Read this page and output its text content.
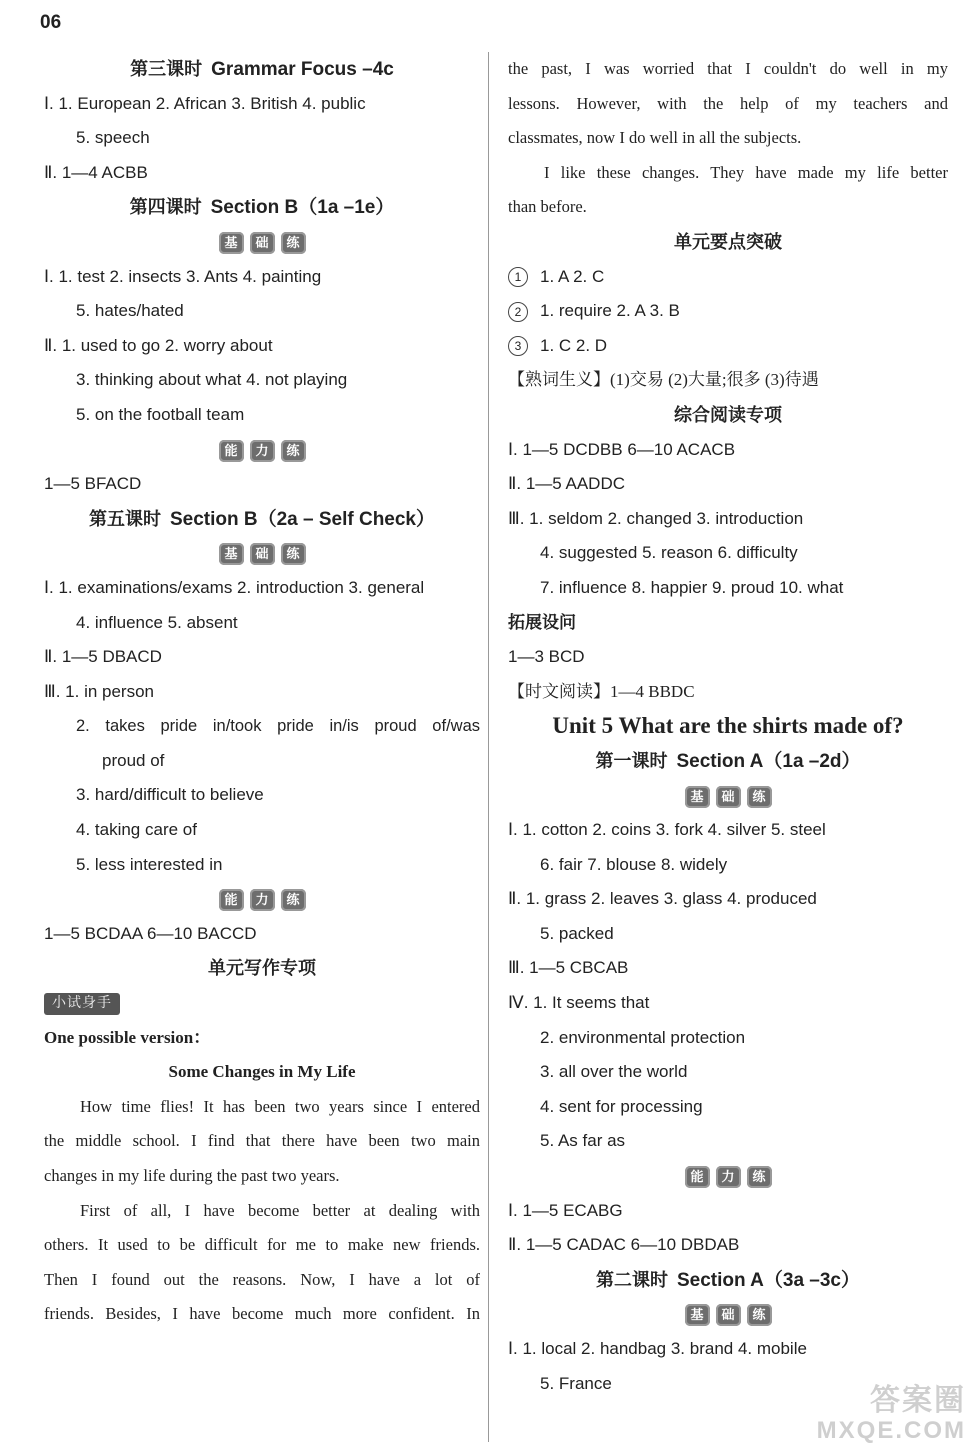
06
第三课时 Grammar Focus –4c
Ⅰ. 1. European 2. African 3. British 4. public
5. speech
Ⅱ. 1—4 ACBB
第四课时 Section B（1a –1e）
基 础 练
Ⅰ. 1. test 2. insects 3. Ants 4. painting
5. hates/hated
Ⅱ. 1. used to go 2. worry about
3. thinking about what 4. not playing
5. on the football team
能 力 练
1—5 BFACD
第五课时 Section B（2a – Self Check）
基 础 练
Ⅰ. 1. examinations/exams 2. introduction 3. general
4. influence 5. absent
Ⅱ. 1—5 DBACD
Ⅲ. 1. in person
2. takes pride in/took pride in/is proud of/was
proud of
3. hard/difficult to believe
4. taking care of
5. less interested in
能 力 练
1—5 BCDAA 6—10 BACCD
单元写作专项
小试身手
One possible version：
Some Changes in My Life
How time flies! It has been two years since I entered
the middle school. I find that there have been two main
changes in my life during the past two years.
First of all, I have become better at dealing with
others. It used to be difficult for me to make new friends.
Then I found out the reasons. Now, I have a lot of
friends. Besides, I have become much more confident. In
the past, I was worried that I couldn't do well in my
lessons. However, with the help of my teachers and
classmates, now I do well in all the subjects.
I like these changes. They have made my life better
than before.
单元要点突破
1 1. A 2. C
2 1. require 2. A 3. B
3 1. C 2. D
【熟词生义】(1)交易 (2)大量;很多 (3)待遇
综合阅读专项
Ⅰ. 1—5 DCDBB 6—10 ACACB
Ⅱ. 1—5 AADDC
Ⅲ. 1. seldom 2. changed 3. introduction
4. suggested 5. reason 6. difficulty
7. influence 8. happier 9. proud 10. what
拓展设问
1—3 BCD
【时文阅读】1—4 BBDC
Unit 5 What are the shirts made of?
第一课时 Section A（1a –2d）
基 础 练
Ⅰ. 1. cotton 2. coins 3. fork 4. silver 5. steel
6. fair 7. blouse 8. widely
Ⅱ. 1. grass 2. leaves 3. glass 4. produced
5. packed
Ⅲ. 1—5 CBCAB
Ⅳ. 1. It seems that
2. environmental protection
3. all over the world
4. sent for processing
5. As far as
能 力 练
Ⅰ. 1—5 ECABG
Ⅱ. 1—5 CADAC 6—10 DBDAB
第二课时 Section A（3a –3c）
基 础 练
Ⅰ. 1. local 2. handbag 3. brand 4. mobile
5. France
答案圈
MXQE.COM
